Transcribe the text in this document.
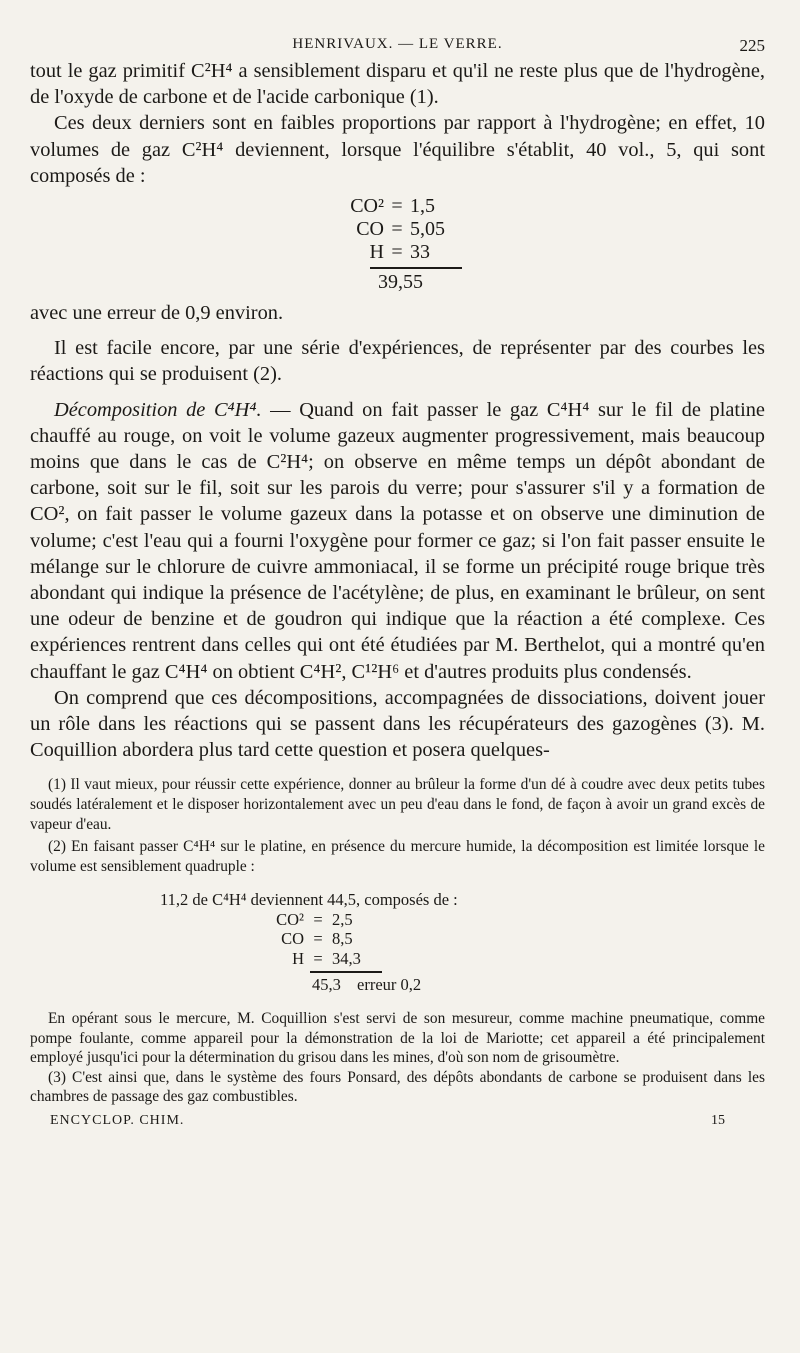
HENRIVAUX. — LE VERRE.	225

tout le gaz primitif C²H⁴ a sensiblement disparu et qu'il ne reste plus que de l'hydrogène, de l'oxyde de carbone et de l'acide carbonique (1).

Ces deux derniers sont en faibles proportions par rapport à l'hydrogène; en effet, 10 volumes de gaz C²H⁴ deviennent, lorsque l'équilibre s'établit, 40 vol., 5, qui sont composés de :

CO² = 1,5
CO = 5,05
H = 33
39,55

avec une erreur de 0,9 environ.

Il est facile encore, par une série d'expériences, de représenter par des courbes les réactions qui se produisent (2).

Décomposition de C⁴H⁴. — Quand on fait passer le gaz C⁴H⁴ sur le fil de platine chauffé au rouge, on voit le volume gazeux augmenter progressivement, mais beaucoup moins que dans le cas de C²H⁴; on observe en même temps un dépôt abondant de carbone, soit sur le fil, soit sur les parois du verre; pour s'assurer s'il y a formation de CO², on fait passer le volume gazeux dans la potasse et on observe une diminution de volume; c'est l'eau qui a fourni l'oxygène pour former ce gaz; si l'on fait passer ensuite le mélange sur le chlorure de cuivre ammoniacal, il se forme un précipité rouge brique très abondant qui indique la présence de l'acétylène; de plus, en examinant le brûleur, on sent une odeur de benzine et de goudron qui indique que la réaction a été complexe. Ces expériences rentrent dans celles qui ont été étudiées par M. Berthelot, qui a montré qu'en chauffant le gaz C⁴H⁴ on obtient C⁴H², C¹²H⁶ et d'autres produits plus condensés.

On comprend que ces décompositions, accompagnées de dissociations, doivent jouer un rôle dans les réactions qui se passent dans les récupérateurs des gazogènes (3). M. Coquillion abordera plus tard cette question et posera quelques-

(1) Il vaut mieux, pour réussir cette expérience, donner au brûleur la forme d'un dé à coudre avec deux petits tubes soudés latéralement et le disposer horizontalement avec un peu d'eau dans le fond, de façon à avoir un grand excès de vapeur d'eau.

(2) En faisant passer C⁴H⁴ sur le platine, en présence du mercure humide, la décomposition est limitée lorsque le volume est sensiblement quadruple :

11,2 de C⁴H⁴ deviennent 44,5, composés de :
CO² = 2,5
CO = 8,5
H = 34,3
45,3 erreur 0,2

En opérant sous le mercure, M. Coquillion s'est servi de son mesureur, comme machine pneumatique, comme pompe foulante, comme appareil pour la démonstration de la loi de Mariotte; cet appareil a été principalement employé jusqu'ici pour la détermination du grisou dans les mines, d'où son nom de grisoumètre.

(3) C'est ainsi que, dans le système des fours Ponsard, des dépôts abondants de carbone se produisent dans les chambres de passage des gaz combustibles.

ENCYCLOP. CHIM.	15
